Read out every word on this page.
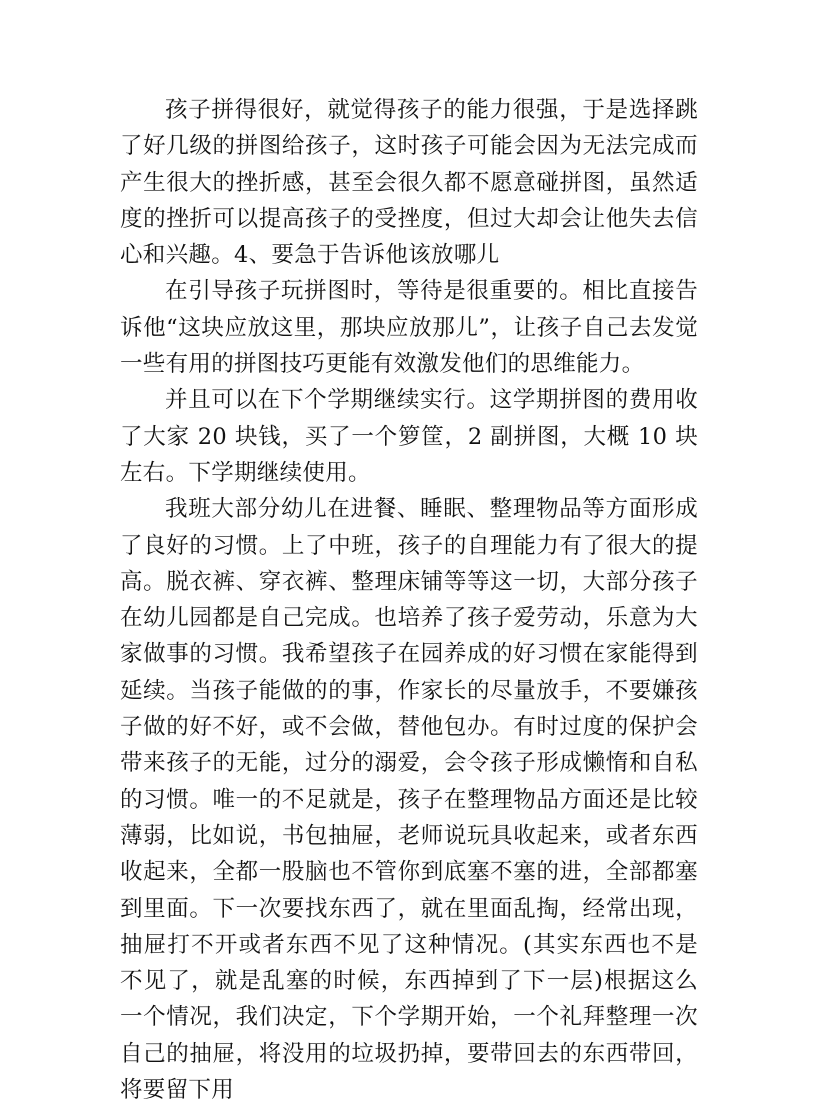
孩子拼得很好，就觉得孩子的能力很强，于是选择跳了好几级的拼图给孩子，这时孩子可能会因为无法完成而产生很大的挫折感，甚至会很久都不愿意碰拼图，虽然适度的挫折可以提高孩子的受挫度，但过大却会让他失去信心和兴趣。4、要急于告诉他该放哪儿

在引导孩子玩拼图时，等待是很重要的。相比直接告诉他“这块应放这里，那块应放那儿”，让孩子自己去发觉一些有用的拼图技巧更能有效激发他们的思维能力。

并且可以在下个学期继续实行。这学期拼图的费用收了大家 20 块钱，买了一个箩筐，2 副拼图，大概 10 块左右。下学期继续使用。

我班大部分幼儿在进餐、睡眠、整理物品等方面形成了良好的习惯。上了中班，孩子的自理能力有了很大的提高。脱衣裤、穿衣裤、整理床铺等等这一切，大部分孩子在幼儿园都是自己完成。也培养了孩子爱劳动，乐意为大家做事的习惯。我希望孩子在园养成的好习惯在家能得到延续。当孩子能做的的事，作家长的尽量放手，不要嫌孩子做的好不好，或不会做，替他包办。有时过度的保护会带来孩子的无能，过分的溺爱，会令孩子形成懒惰和自私的习惯。唯一的不足就是，孩子在整理物品方面还是比较薄弱，比如说，书包抽屉，老师说玩具收起来，或者东西收起来，全都一股脑也不管你到底塞不塞的进，全部都塞到里面。下一次要找东西了，就在里面乱掏，经常出现，抽屉打不开或者东西不见了这种情况。(其实东西也不是不见了，就是乱塞的时候，东西掉到了下一层)根据这么一个情况，我们决定，下个学期开始，一个礼拜整理一次自己的抽屉，将没用的垃圾扔掉，要带回去的东西带回，将要留下用
